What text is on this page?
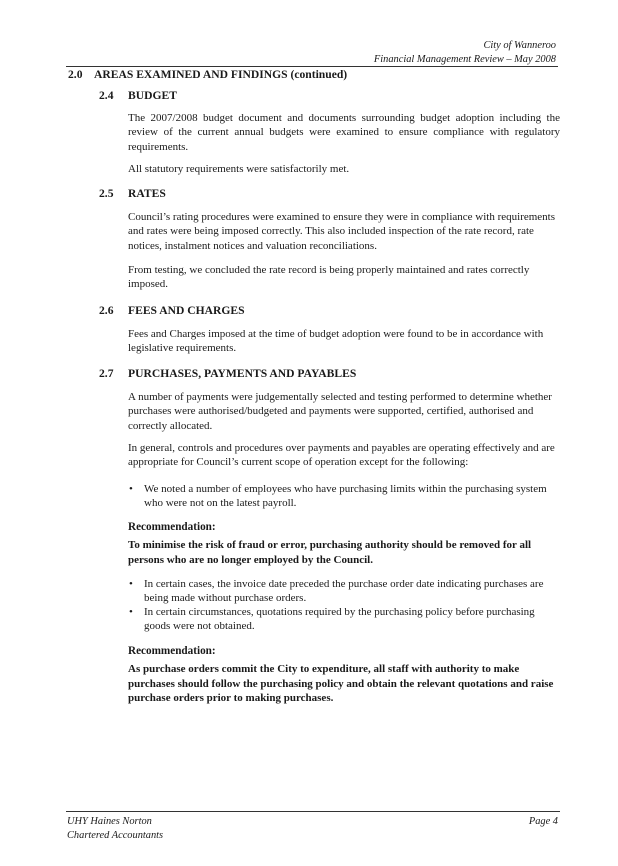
City of Wanneroo
Financial Management Review – May 2008
2.0 AREAS EXAMINED AND FINDINGS (continued)
2.4 BUDGET

The 2007/2008 budget document and documents surrounding budget adoption including the review of the current annual budgets were examined to ensure compliance with regulatory requirements.

All statutory requirements were satisfactorily met.

2.5 RATES

Council’s rating procedures were examined to ensure they were in compliance with requirements and rates were being imposed correctly. This also included inspection of the rate record, rate notices, instalment notices and valuation reconciliations.

From testing, we concluded the rate record is being properly maintained and rates correctly imposed.

2.6 FEES AND CHARGES

Fees and Charges imposed at the time of budget adoption were found to be in accordance with legislative requirements.

2.7 PURCHASES, PAYMENTS AND PAYABLES

A number of payments were judgementally selected and testing performed to determine whether purchases were authorised/budgeted and payments were supported, certified, authorised and correctly allocated.

In general, controls and procedures over payments and payables are operating effectively and are appropriate for Council’s current scope of operation except for the following:

• We noted a number of employees who have purchasing limits within the purchasing system who were not on the latest payroll.
Recommendation:

To minimise the risk of fraud or error, purchasing authority should be removed for all persons who are no longer employed by the Council.

• In certain cases, the invoice date preceded the purchase order date indicating purchases are being made without purchase orders.
• In certain circumstances, quotations required by the purchasing policy before purchasing goods were not obtained.
Recommendation:

As purchase orders commit the City to expenditure, all staff with authority to make purchases should follow the purchasing policy and obtain the relevant quotations and raise purchase orders prior to making purchases.

UHY Haines Norton
Chartered Accountants
Page 4
